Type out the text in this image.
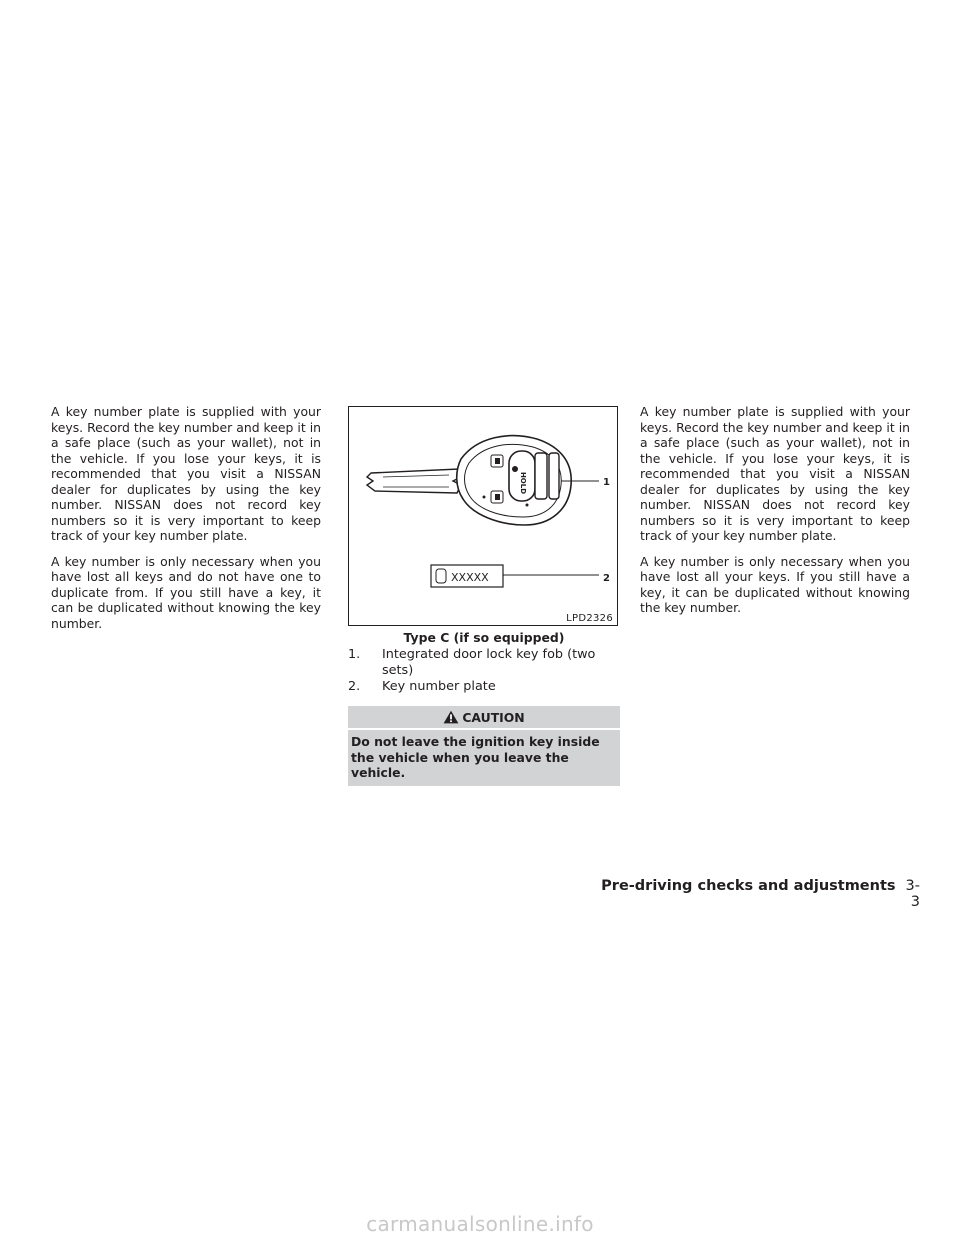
A key number plate is supplied with your keys. Record the key number and keep it in a safe place (such as your wallet), not in the vehicle. If you lose your keys, it is recommended that you visit a NISSAN dealer for duplicates by using the key number. NISSAN does not record key numbers so it is very important to keep track of your key number plate.

A key number is only necessary when you have lost all keys and do not have one to duplicate from. If you still have a key, it can be duplicated without knowing the key number.

HOLD	1
XXXXX	2
LPD2326
Type C (if so equipped)
1.	Integrated door lock key fob (two sets)
2.	Key number plate
CAUTION
Do not leave the ignition key inside the vehicle when you leave the vehicle.

A key number plate is supplied with your keys. Record the key number and keep it in a safe place (such as your wallet), not in the vehicle. If you lose your keys, it is recommended that you visit a NISSAN dealer for duplicates by using the key number. NISSAN does not record key numbers so it is very important to keep track of your key number plate.

A key number is only necessary when you have lost all your keys. If you still have a key, it can be duplicated without knowing the key number.

Pre-driving checks and adjustments 3-3
carmanualsonline.info
